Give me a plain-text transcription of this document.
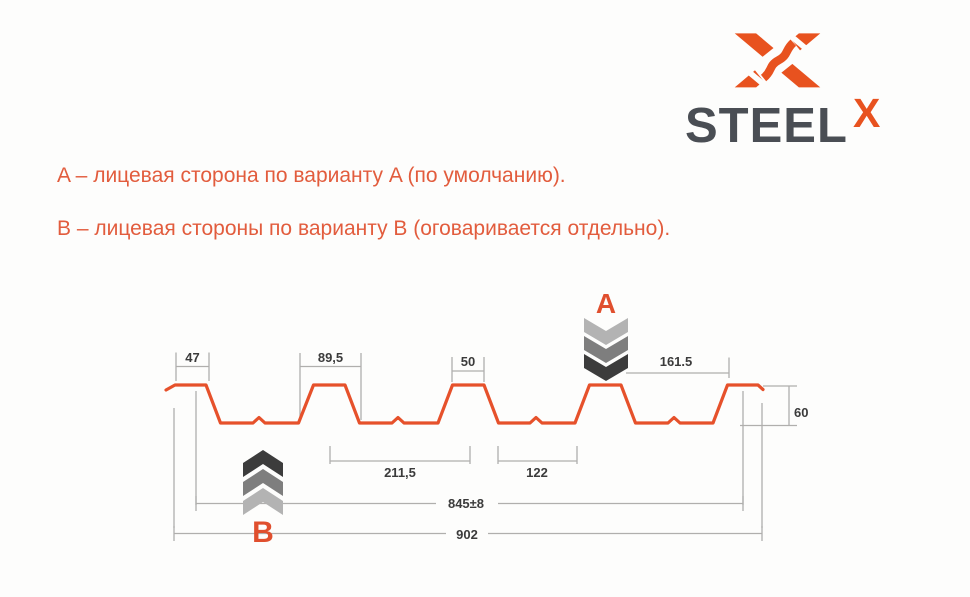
STEEL X

A – лицевая сторона по варианту A (по умолчанию).

B – лицевая стороны по варианту B (оговаривается отдельно).

47	89,5	50	161.5
60
211,5	122
845±8
902
A
B
